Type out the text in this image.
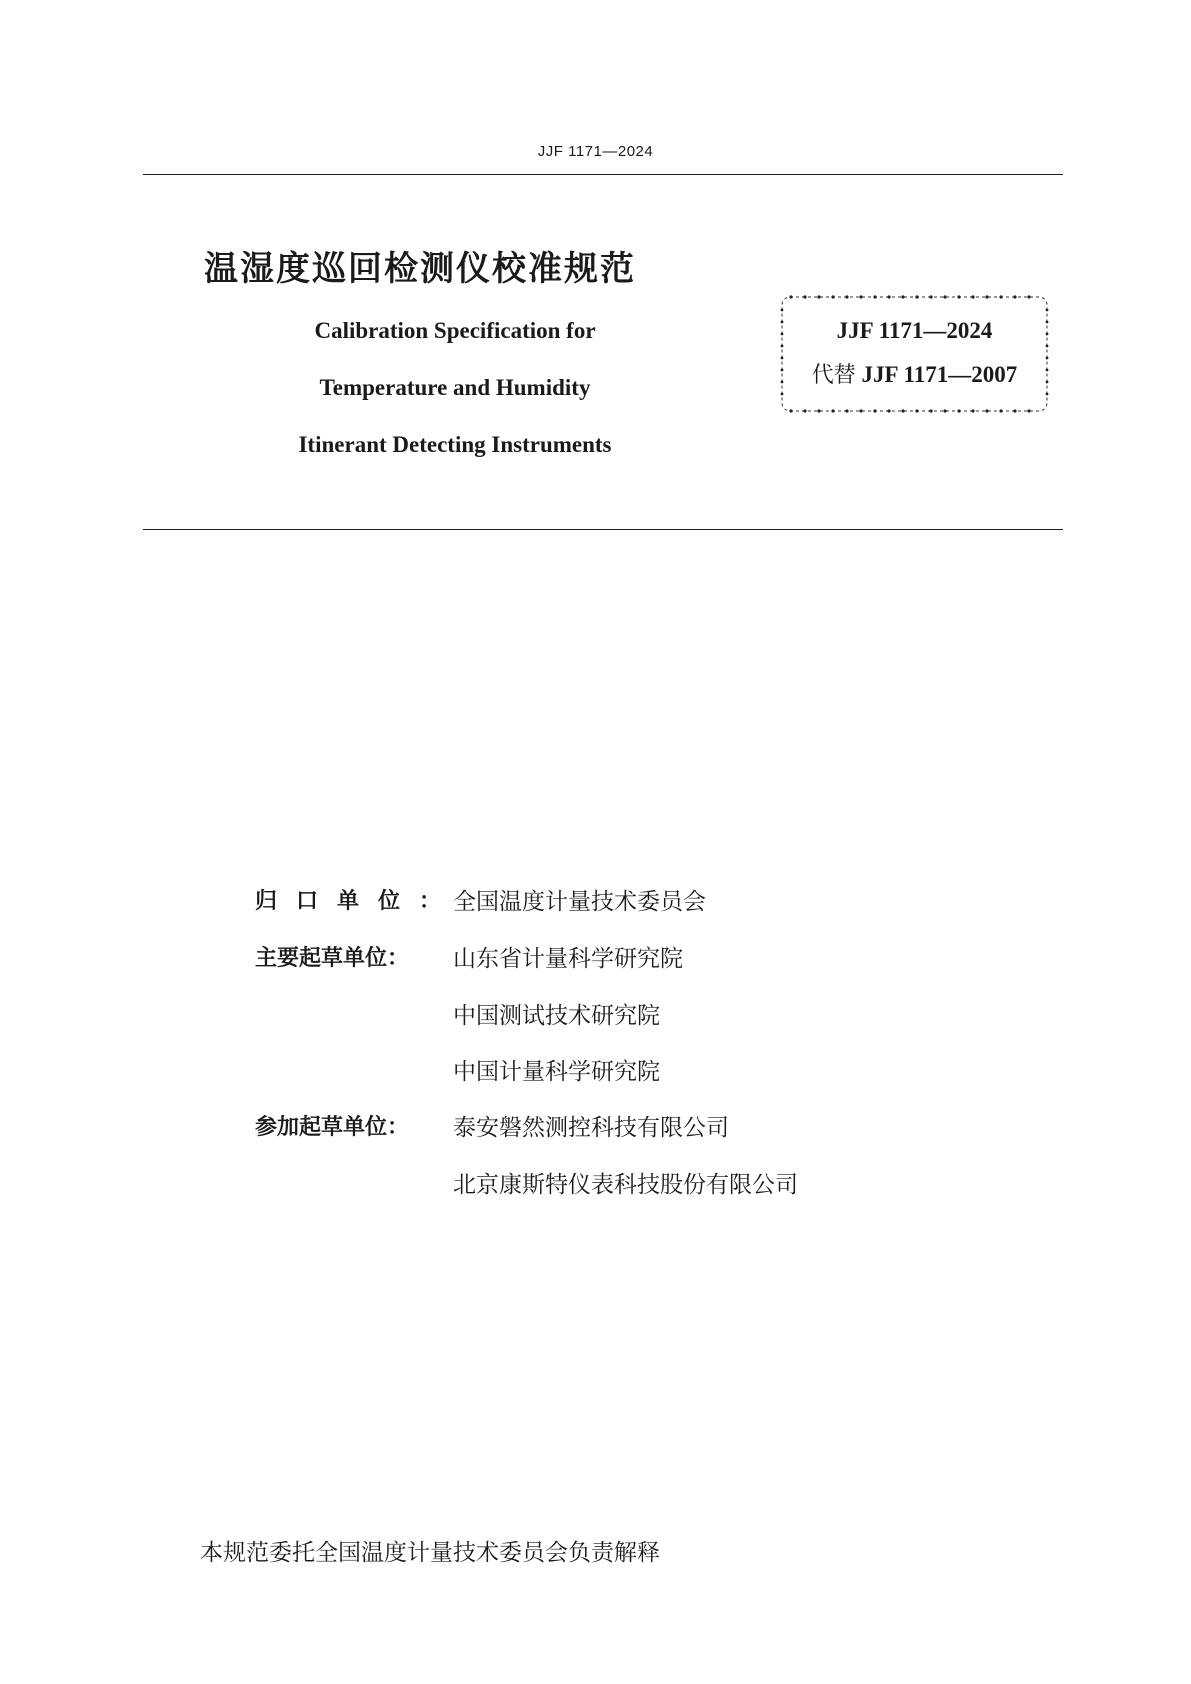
JJF 1171—2024
温湿度巡回检测仪校准规范
Calibration Specification for
Temperature and Humidity
Itinerant Detecting Instruments
JJF 1171—2024
代替 JJF 1171—2007
归口单位： 全国温度计量技术委员会
主要起草单位：	山东省计量科学研究院
中国测试技术研究院
中国计量科学研究院
参加起草单位：	泰安磐然测控科技有限公司
北京康斯特仪表科技股份有限公司
本规范委托全国温度计量技术委员会负责解释
